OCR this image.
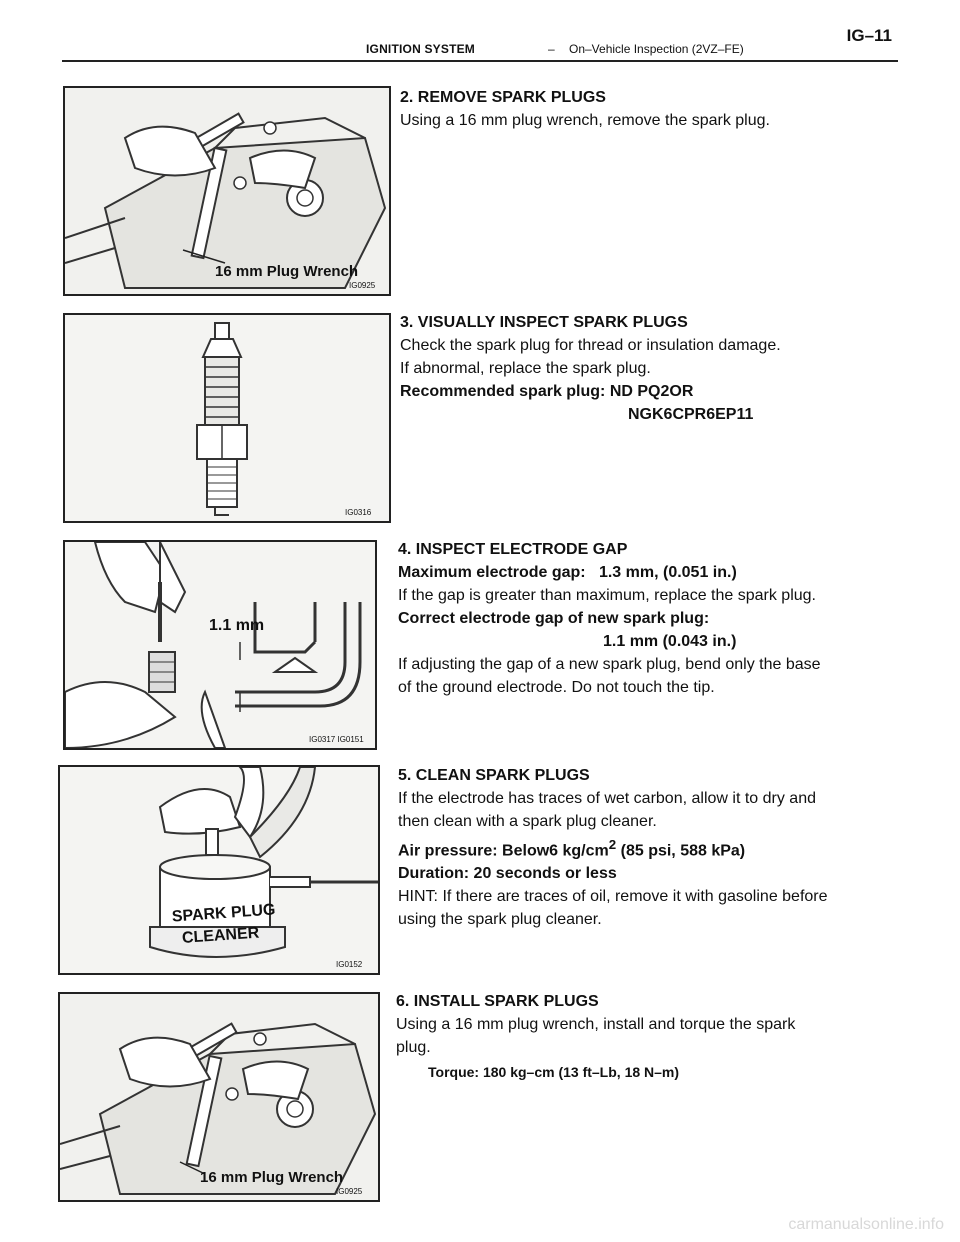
IGNITION SYSTEM	– On–Vehicle Inspection (2VZ–FE)
IG–11
16 mm Plug Wrench
IG0925
2. REMOVE SPARK PLUGS
Using a 16 mm plug wrench, remove the spark plug.
IG0316
3. VISUALLY INSPECT SPARK PLUGS
Check the spark plug for thread or insulation damage.
If abnormal, replace the spark plug.
Recommended spark plug: ND PQ2OR
NGK6CPR6EP11
1.1 mm
IG0317 IG0151
4. INSPECT ELECTRODE GAP
Maximum electrode gap: 1.3 mm, (0.051 in.)
If the gap is greater than maximum, replace the spark plug.
Correct electrode gap of new spark plug:
1.1 mm (0.043 in.)
If adjusting the gap of a new spark plug, bend only the base
of the ground electrode. Do not touch the tip.
SPARK PLUG
CLEANER
IG0152
5. CLEAN SPARK PLUGS
If the electrode has traces of wet carbon, allow it to dry and
then clean with a spark plug cleaner.
Air pressure: Below6 $kg/cm^2$ (85 psi, 588 kPa)
Duration: 20 seconds or less
HINT: If there are traces of oil, remove it with gasoline before
using the spark plug cleaner.
16 mm Plug Wrench
IG0925
6. INSTALL SPARK PLUGS
Using a 16 mm plug wrench, install and torque the spark
plug.
Torque: 180 kg–cm (13 ft–Lb, 18 N–m)
carmanualsonline.info
